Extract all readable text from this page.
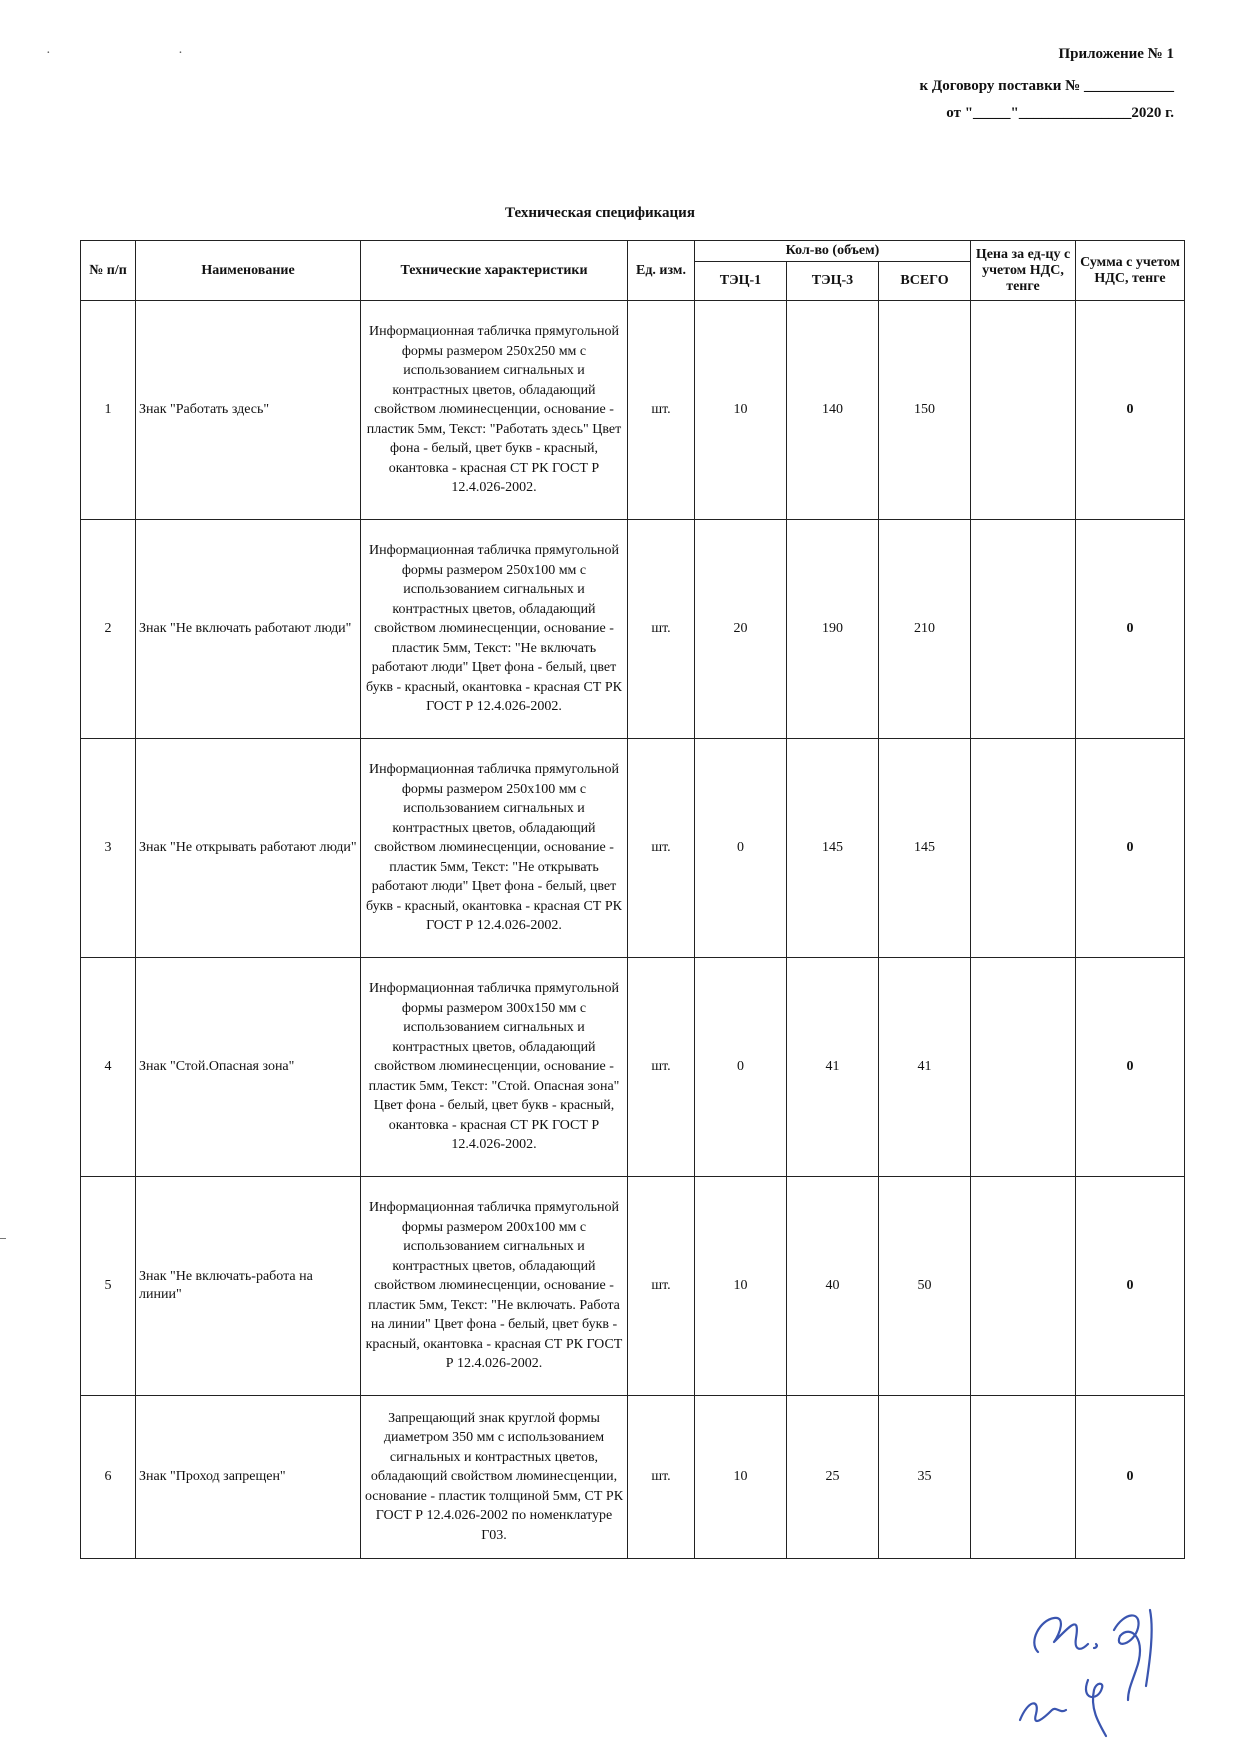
· ·	Приложение № 1
к Договору поставки № ____________
от "_____"_______________2020 г.
Техническая спецификация
№ п/п	Наименование	Технические характеристики	Ед. изм.	Кол-во (объем)			Цена за ед-цу с учетом НДС, тенге	Сумма с учетом НДС, тенге
				ТЭЦ-1	ТЭЦ-3	ВСЕГО		
1	Знак "Работать здесь"	Информационная табличка прямугольной формы размером 250х250 мм с использованием сигнальных и контрастных цветов, обладающий свойством люминесценции, основание - пластик 5мм, Текст: "Работать здесь" Цвет фона - белый, цвет букв - красный, окантовка - красная СТ РК ГОСТ Р 12.4.026-2002.	шт.	10	140	150		0
2	Знак "Не включать работают люди"	Информационная табличка прямугольной формы размером 250х100 мм с использованием сигнальных и контрастных цветов, обладающий свойством люминесценции, основание - пластик 5мм, Текст: "Не включать работают люди" Цвет фона - белый, цвет букв - красный, окантовка - красная СТ РК ГОСТ Р 12.4.026-2002.	шт.	20	190	210		0
3	Знак "Не открывать работают люди"	Информационная табличка прямугольной формы размером 250х100 мм с использованием сигнальных и контрастных цветов, обладающий свойством люминесценции, основание - пластик 5мм, Текст: "Не открывать работают люди" Цвет фона - белый, цвет букв - красный, окантовка - красная СТ РК ГОСТ Р 12.4.026-2002.	шт.	0	145	145		0
4	Знак "Стой.Опасная зона"	Информационная табличка прямугольной формы размером 300х150 мм с использованием сигнальных и контрастных цветов, обладающий свойством люминесценции, основание - пластик 5мм, Текст: "Стой. Опасная зона" Цвет фона - белый, цвет букв - красный, окантовка - красная СТ РК ГОСТ Р 12.4.026-2002.	шт.	0	41	41		0
5	Знак "Не включать-работа на линии"	Информационная табличка прямугольной формы размером 200х100 мм с использованием сигнальных и контрастных цветов, обладающий свойством люминесценции, основание - пластик 5мм, Текст: "Не включать. Работа на линии" Цвет фона - белый, цвет букв - красный, окантовка - красная СТ РК ГОСТ Р 12.4.026-2002.	шт.	10	40	50		0
6	Знак "Проход запрещен"	Запрещающий знак круглой формы диаметром 350 мм с использованием сигнальных и контрастных цветов, обладающий свойством люминесценции, основание - пластик толщиной 5мм, СТ РК ГОСТ Р 12.4.026-2002 по номенклатуре Г03.	шт.	10	25	35		0
